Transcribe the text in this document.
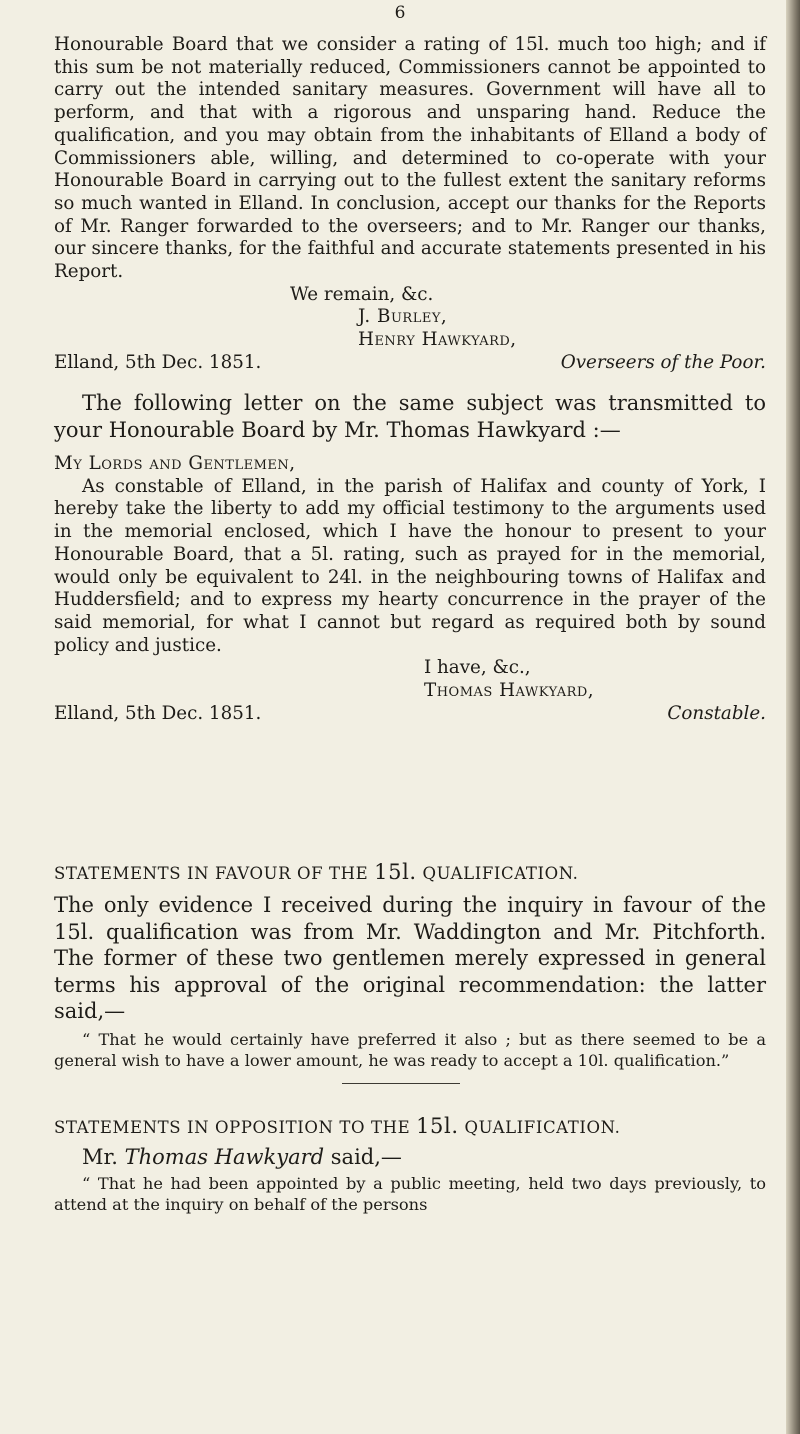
6

Honourable Board that we consider a rating of 15l. much too high; and if this sum be not materially reduced, Commissioners cannot be appointed to carry out the intended sanitary measures. Government will have all to perform, and that with a rigorous and unsparing hand. Reduce the qualification, and you may obtain from the inhabitants of Elland a body of Commissioners able, willing, and determined to co-operate with your Honourable Board in carrying out to the fullest extent the sanitary reforms so much wanted in Elland. In conclusion, accept our thanks for the Reports of Mr. Ranger forwarded to the overseers; and to Mr. Ranger our thanks, our sincere thanks, for the faithful and accurate statements presented in his Report.

We remain, &c.

J. Burley,

Henry Hawkyard,

Elland, 5th Dec. 1851.	Overseers of the Poor.

The following letter on the same subject was transmitted to your Honourable Board by Mr. Thomas Hawkyard :—

My Lords and Gentlemen,

As constable of Elland, in the parish of Halifax and county of York, I hereby take the liberty to add my official testimony to the arguments used in the memorial enclosed, which I have the honour to present to your Honourable Board, that a 5l. rating, such as prayed for in the memorial, would only be equivalent to 24l. in the neighbouring towns of Halifax and Huddersfield; and to express my hearty concurrence in the prayer of the said memorial, for what I cannot but regard as required both by sound policy and justice.

I have, &c.,

Thomas Hawkyard,

Elland, 5th Dec. 1851.	Constable.

STATEMENTS IN FAVOUR OF THE 15l. QUALIFICATION.

The only evidence I received during the inquiry in favour of the 15l. qualification was from Mr. Waddington and Mr. Pitchforth. The former of these two gentlemen merely expressed in general terms his approval of the original recommendation: the latter said,—

“ That he would certainly have preferred it also ; but as there seemed to be a general wish to have a lower amount, he was ready to accept a 10l. qualification.”

STATEMENTS IN OPPOSITION TO THE 15l. QUALIFICATION.

Mr. Thomas Hawkyard said,—

“ That he had been appointed by a public meeting, held two days previously, to attend at the inquiry on behalf of the persons
